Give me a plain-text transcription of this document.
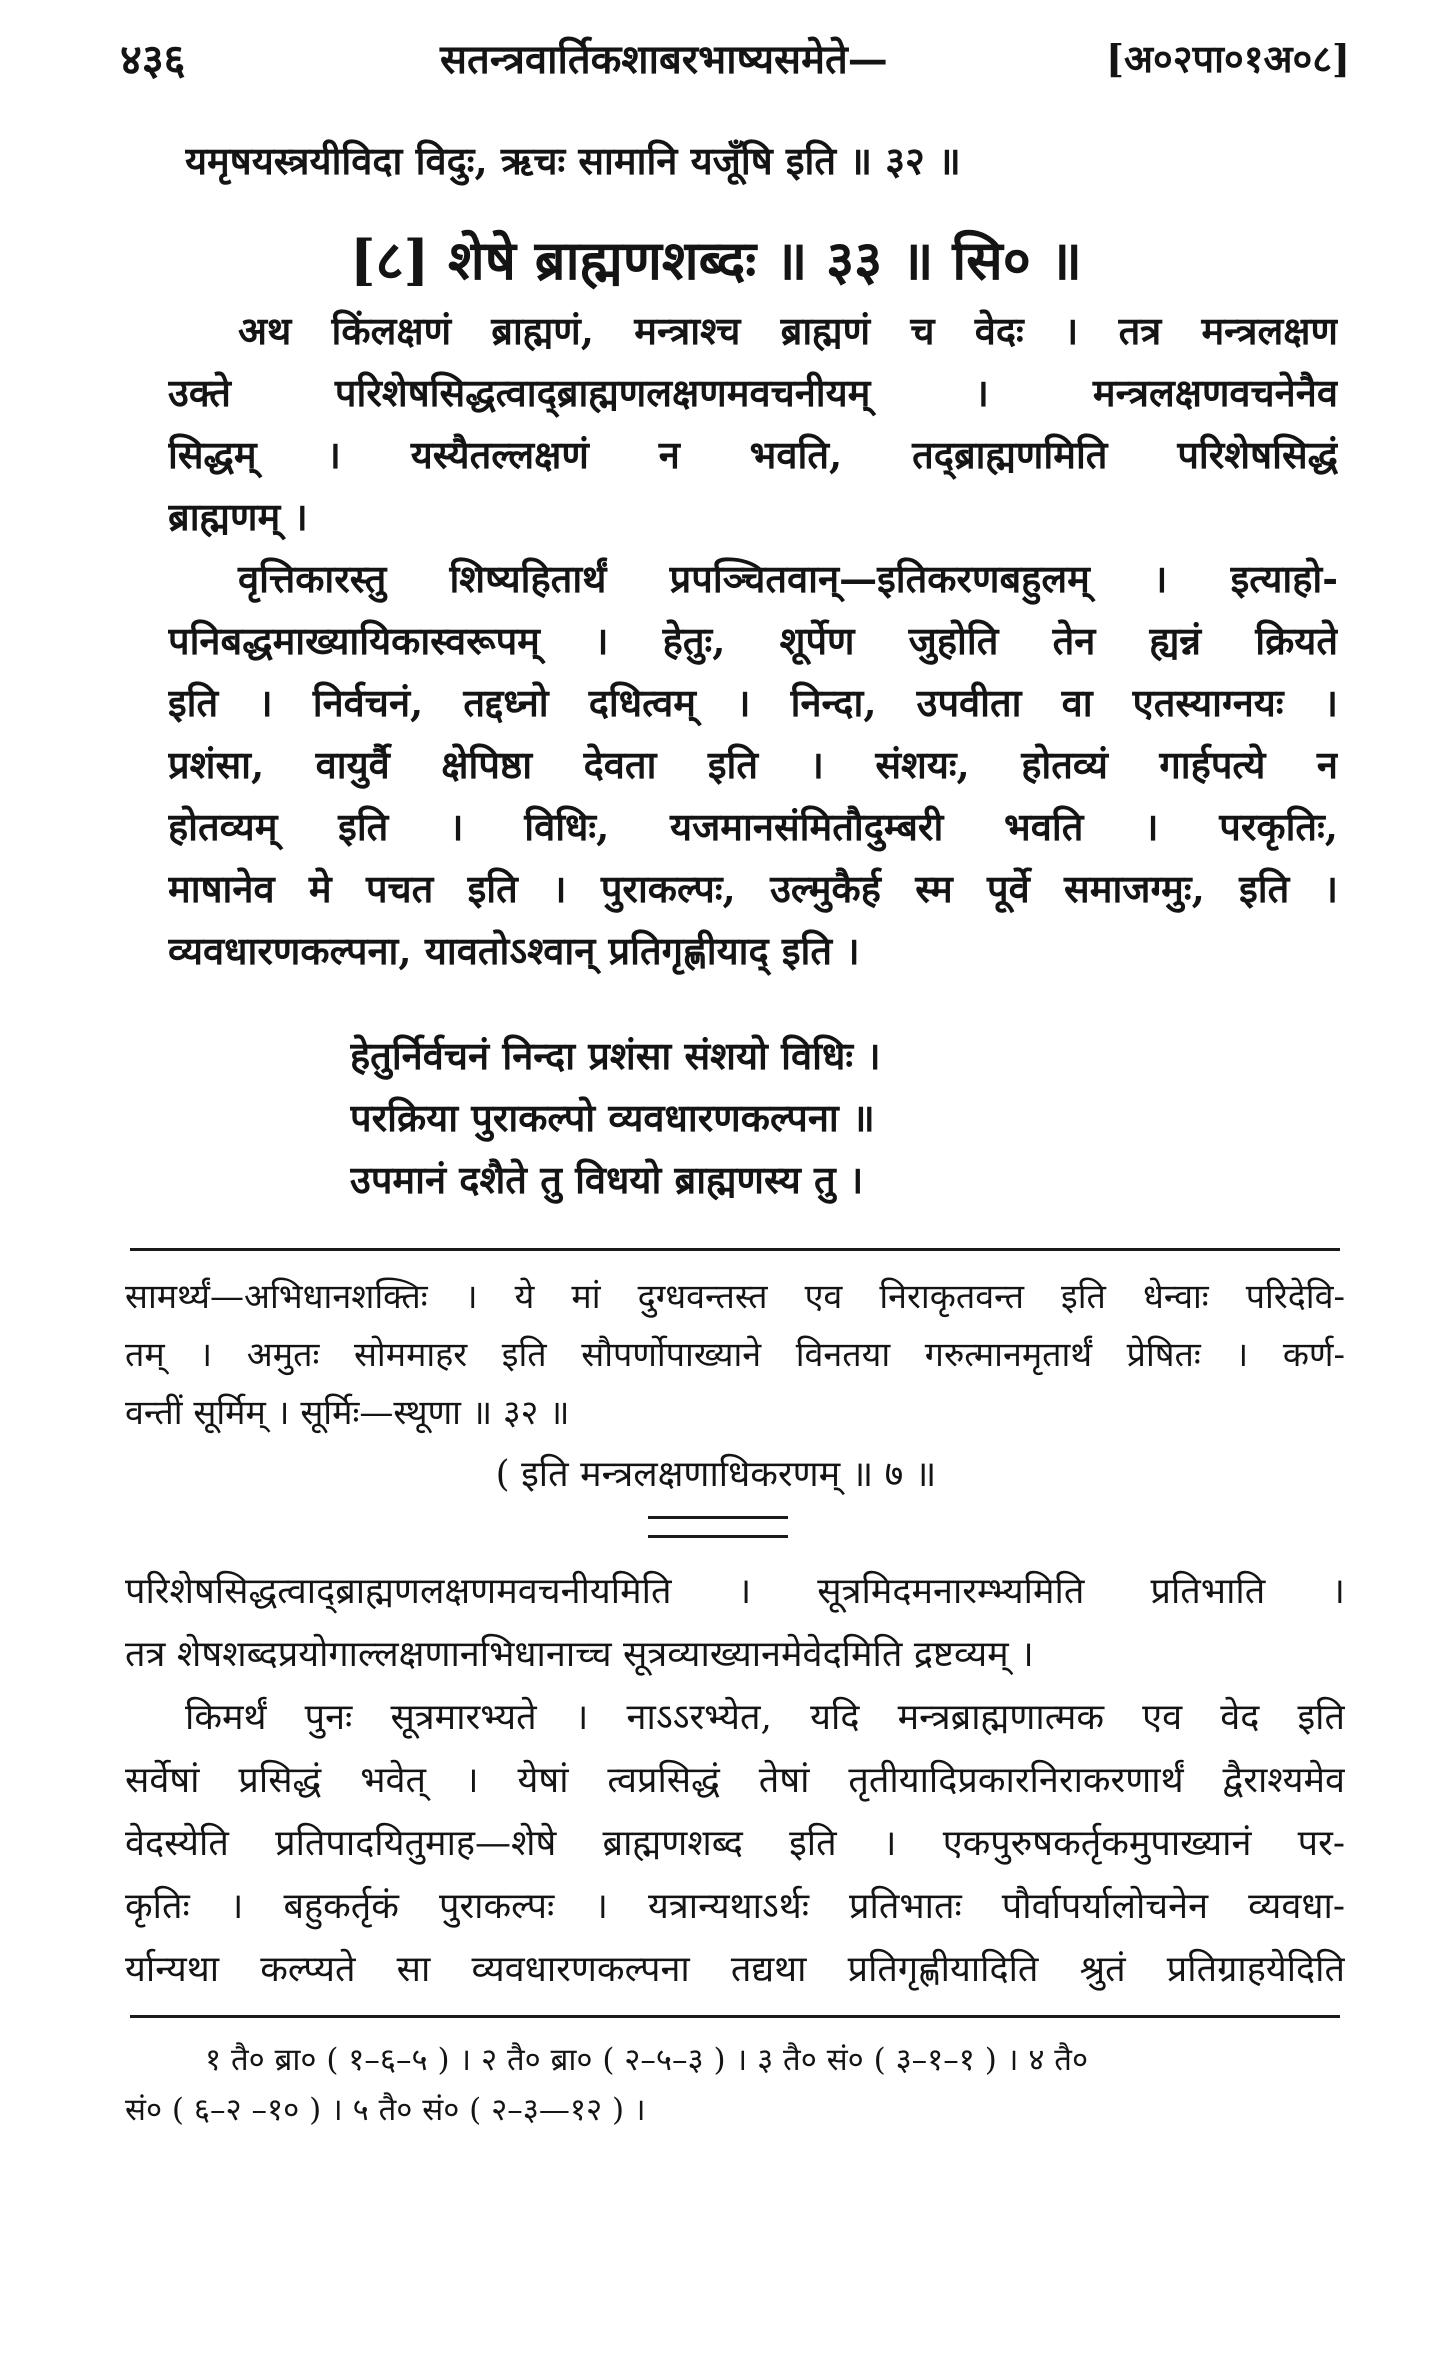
४३६	सतन्त्रवार्तिकशाबरभाष्यसमेते—	[अ०२पा०१अ०८]
यमृषयस्त्रयीविदा विदुः, ऋचः सामानि यजूँषि इति ॥ ३२ ॥
[८] शेषे ब्राह्मणशब्दः ॥ ३३ ॥ सि० ॥
अथ किंलक्षणं ब्राह्मणं, मन्त्राश्च ब्राह्मणं च वेदः । तत्र मन्त्रलक्षण
उक्ते परिशेषसिद्धत्वाद्ब्राह्मणलक्षणमवचनीयम् । मन्त्रलक्षणवचनेनैव
सिद्धम् । यस्यैतल्लक्षणं न भवति, तद्ब्राह्मणमिति परिशेषसिद्धं
ब्राह्मणम् ।
वृत्तिकारस्तु शिष्यहितार्थं प्रपञ्चितवान्—इतिकरणबहुलम् । इत्याहो-
पनिबद्धमाख्यायिकास्वरूपम् । हेतुः, शूर्पेण जुहोति तेन ह्यन्नं क्रियते
इति । निर्वचनं, तद्दध्नो दधित्वम् । निन्दा, उपवीता वा एतस्याग्नयः ।
प्रशंसा, वायुर्वै क्षेपिष्ठा देवता इति । संशयः, होतव्यं गार्हपत्ये न
होतव्यम् इति । विधिः, यजमानसंमितौदुम्बरी भवति । परकृतिः,
माषानेव मे पचत इति । पुराकल्पः, उल्मुकैर्ह स्म पूर्वे समाजग्मुः, इति ।
व्यवधारणकल्पना, यावतोऽश्वान् प्रतिगृह्णीयाद् इति ।
हेतुर्निर्वचनं निन्दा प्रशंसा संशयो विधिः ।
परक्रिया पुराकल्पो व्यवधारणकल्पना ॥
उपमानं दशैते तु विधयो ब्राह्मणस्य तु ।
सामर्थ्यं—अभिधानशक्तिः । ये मां दुग्धवन्तस्त एव निराकृतवन्त इति धेन्वाः परिदेवि-
तम् । अमुतः सोममाहर इति सौपर्णोपाख्याने विनतया गरुत्मानमृतार्थं प्रेषितः । कर्ण-
वन्तीं सूर्मिम् । सूर्मिः—स्थूणा ॥ ३२ ॥
( इति मन्त्रलक्षणाधिकरणम् ॥ ७ ॥
परिशेषसिद्धत्वाद्ब्राह्मणलक्षणमवचनीयमिति । सूत्रमिदमनारम्भ्यमिति प्रतिभाति ।
तत्र शेषशब्दप्रयोगाल्लक्षणानभिधानाच्च सूत्रव्याख्यानमेवेदमिति द्रष्टव्यम् ।
किमर्थं पुनः सूत्रमारभ्यते । नाऽऽरभ्येत, यदि मन्त्रब्राह्मणात्मक एव वेद इति
सर्वेषां प्रसिद्धं भवेत् । येषां त्वप्रसिद्धं तेषां तृतीयादिप्रकारनिराकरणार्थं द्वैराश्यमेव
वेदस्येति प्रतिपादयितुमाह—शेषे ब्राह्मणशब्द इति । एकपुरुषकर्तृकमुपाख्यानं पर-
कृतिः । बहुकर्तृकं पुराकल्पः । यत्रान्यथाऽर्थः प्रतिभातः पौर्वापर्यालोचनेन व्यवधा-
र्यान्यथा कल्प्यते सा व्यवधारणकल्पना तद्यथा प्रतिगृह्णीयादिति श्रुतं प्रतिग्राहयेदिति
१ तै० ब्रा० ( १–६–५ ) । २ तै० ब्रा० ( २–५–३ ) । ३ तै० सं० ( ३–१–१ ) । ४ तै०
सं० ( ६–२ –१० ) । ५ तै० सं० ( २–३—१२ ) ।
